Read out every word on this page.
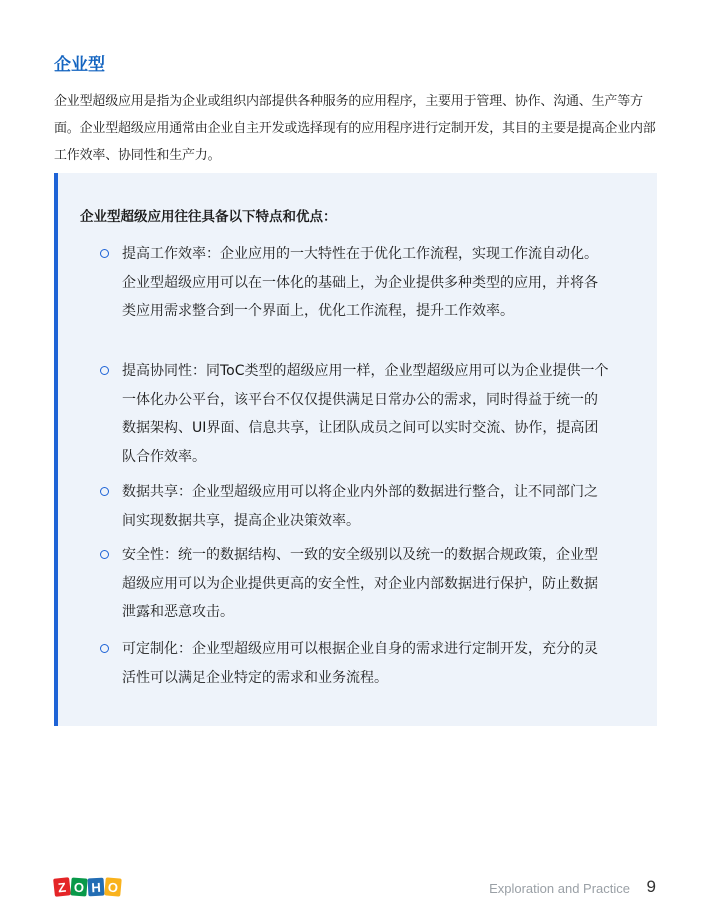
企业型

企业型超级应用是指为企业或组织内部提供各种服务的应用程序，主要用于管理、协作、沟通、生产等方面。企业型超级应用通常由企业自主开发或选择现有的应用程序进行定制开发，其目的主要是提高企业内部工作效率、协同性和生产力。

企业型超级应用往往具备以下特点和优点：

提高工作效率：企业应用的一大特性在于优化工作流程，实现工作流自动化。企业型超级应用可以在一体化的基础上，为企业提供多种类型的应用，并将各类应用需求整合到一个界面上，优化工作流程，提升工作效率。
提高协同性：同ToC类型的超级应用一样，企业型超级应用可以为企业提供一个一体化办公平台，该平台不仅仅提供满足日常办公的需求，同时得益于统一的数据架构、UI界面、信息共享，让团队成员之间可以实时交流、协作，提高团队合作效率。
数据共享：企业型超级应用可以将企业内外部的数据进行整合，让不同部门之间实现数据共享，提高企业决策效率。
安全性：统一的数据结构、一致的安全级别以及统一的数据合规政策，企业型超级应用可以为企业提供更高的安全性，对企业内部数据进行保护，防止数据泄露和恶意攻击。
可定制化：企业型超级应用可以根据企业自身的需求进行定制开发，充分的灵活性可以满足企业特定的需求和业务流程。
Z O H O	Exploration and Practice 9
